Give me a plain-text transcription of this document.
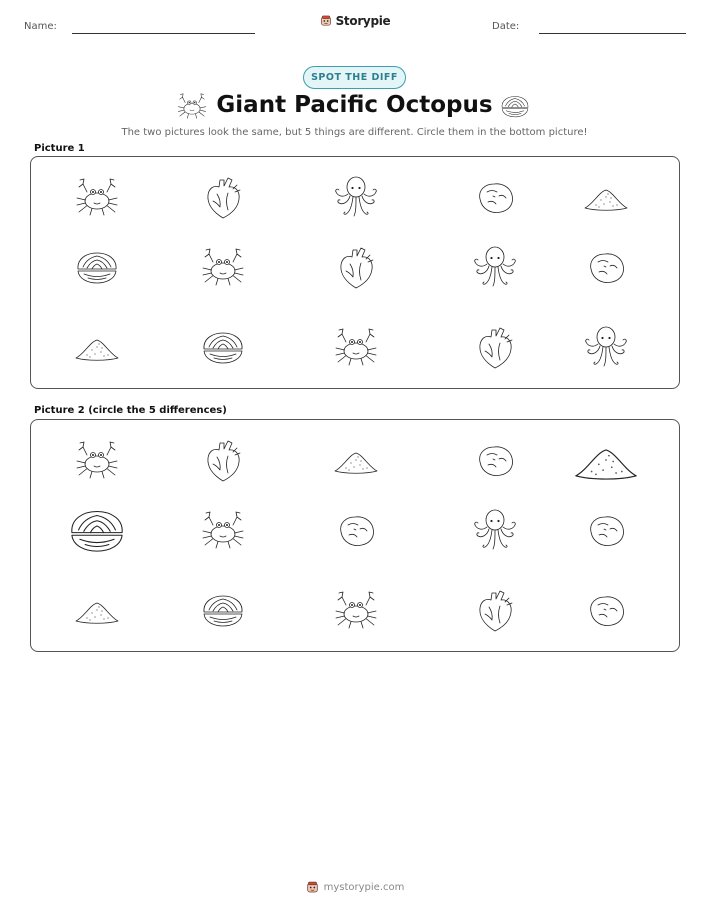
Name:	Storypie	Date:
SPOT THE DIFF
Giant Pacific Octopus
The two pictures look the same, but 5 things are different. Circle them in the bottom picture!
Picture 1
Picture 2 (circle the 5 differences)
mystorypie.com
